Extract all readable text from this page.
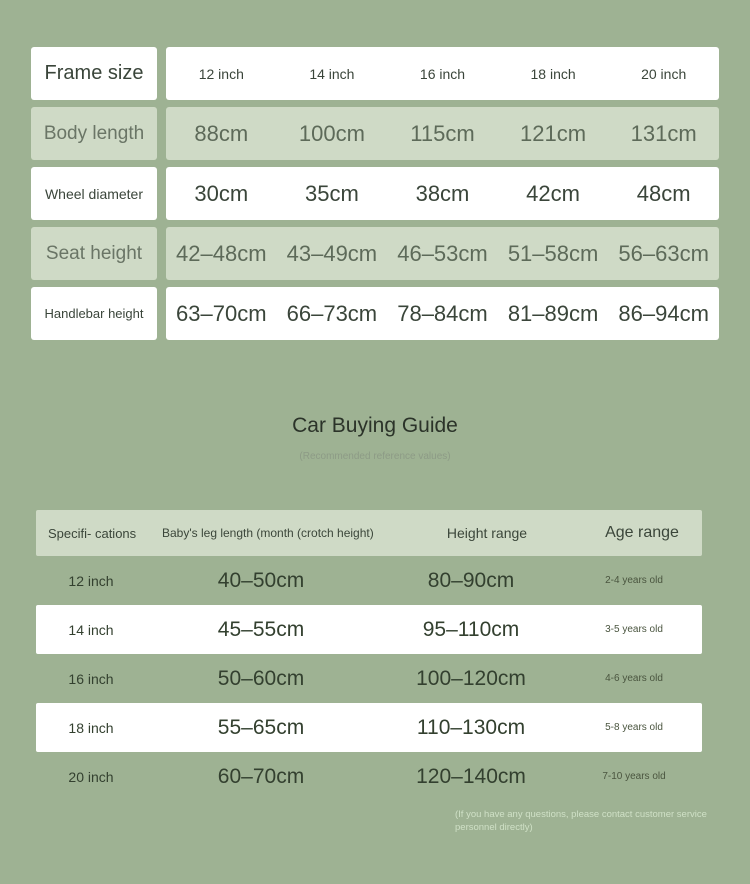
Frame size	12 inch	14 inch	16 inch	18 inch	20 inch
Body length	88cm	100cm	115cm	121cm	131cm
Wheel diameter	30cm	35cm	38cm	42cm	48cm
Seat height	42–48cm 43–49cm 46–53cm 51–58cm 56–63cm
Handlebar height	63–70cm 66–73cm 78–84cm 81–89cm 86–94cm
Car Buying Guide
(Recommended reference values)
Specifi- cations	Baby's leg length (month (crotch height)	Height range	Age range
12 inch	40–50cm	80–90cm	2-4 years old
14 inch	45–55cm	95–110cm	3-5 years old
16 inch	50–60cm	100–120cm	4-6 years old
18 inch	55–65cm	110–130cm	5-8 years old
20 inch	60–70cm	120–140cm	7-10 years old
(If you have any questions, please contact customer service personnel directly)
